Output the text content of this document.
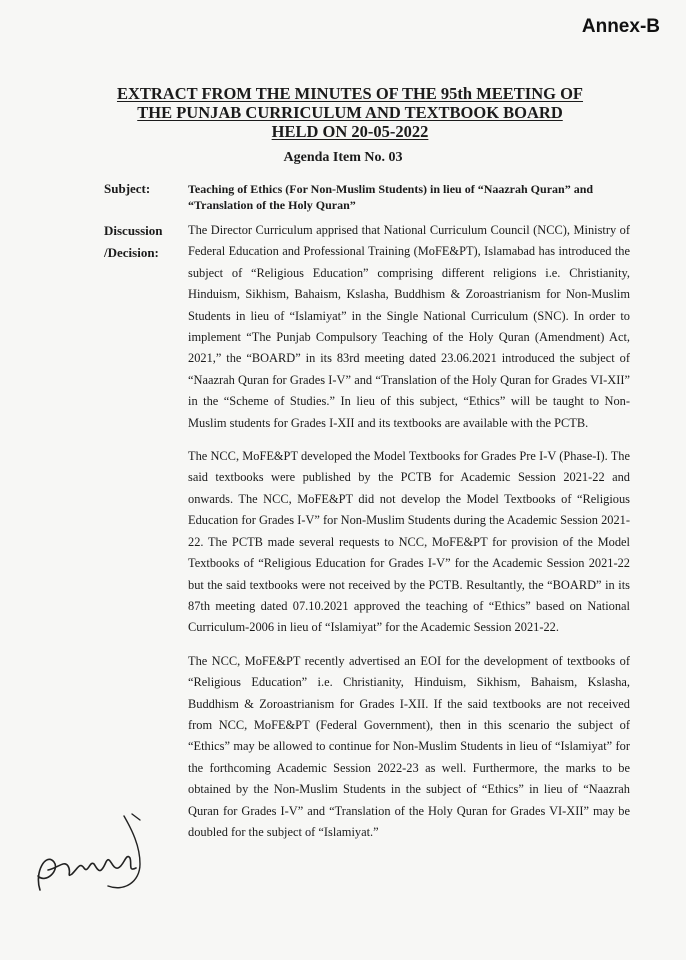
Annex-B
EXTRACT FROM THE MINUTES OF THE 95th MEETING OF
THE PUNJAB CURRICULUM AND TEXTBOOK BOARD
HELD ON 20-05-2022
Agenda Item No. 03
Subject:	Teaching of Ethics (For Non-Muslim Students) in lieu of “Naazrah Quran” and “Translation of the Holy Quran”
Discussion
/Decision:

The Director Curriculum apprised that National Curriculum Council (NCC), Ministry of Federal Education and Professional Training (MoFE&PT), Islamabad has introduced the subject of “Religious Education” comprising different religions i.e. Christianity, Hinduism, Sikhism, Bahaism, Kslasha, Buddhism & Zoroastrianism for Non-Muslim Students in lieu of “Islamiyat” in the Single National Curriculum (SNC). In order to implement “The Punjab Compulsory Teaching of the Holy Quran (Amendment) Act, 2021,” the “BOARD” in its 83rd meeting dated 23.06.2021 introduced the subject of “Naazrah Quran for Grades I-V” and “Translation of the Holy Quran for Grades VI-XII” in the “Scheme of Studies.” In lieu of this subject, “Ethics” will be taught to Non-Muslim students for Grades I-XII and its textbooks are available with the PCTB.

The NCC, MoFE&PT developed the Model Textbooks for Grades Pre I-V (Phase-I). The said textbooks were published by the PCTB for Academic Session 2021-22 and onwards. The NCC, MoFE&PT did not develop the Model Textbooks of “Religious Education for Grades I-V” for Non-Muslim Students during the Academic Session 2021-22. The PCTB made several requests to NCC, MoFE&PT for provision of the Model Textbooks of “Religious Education for Grades I-V” for the Academic Session 2021-22 but the said textbooks were not received by the PCTB. Resultantly, the “BOARD” in its 87th meeting dated 07.10.2021 approved the teaching of “Ethics” based on National Curriculum-2006 in lieu of “Islamiyat” for the Academic Session 2021-22.

The NCC, MoFE&PT recently advertised an EOI for the development of textbooks of “Religious Education” i.e. Christianity, Hinduism, Sikhism, Bahaism, Kslasha, Buddhism & Zoroastrianism for Grades I-XII. If the said textbooks are not received from NCC, MoFE&PT (Federal Government), then in this scenario the subject of “Ethics” may be allowed to continue for Non-Muslim Students in lieu of “Islamiyat” for the forthcoming Academic Session 2022-23 as well. Furthermore, the marks to be obtained by the Non-Muslim Students in the subject of “Ethics” in lieu of “Naazrah Quran for Grades I-V” and “Translation of the Holy Quran for Grades VI-XII” may be doubled for the subject of “Islamiyat.”
